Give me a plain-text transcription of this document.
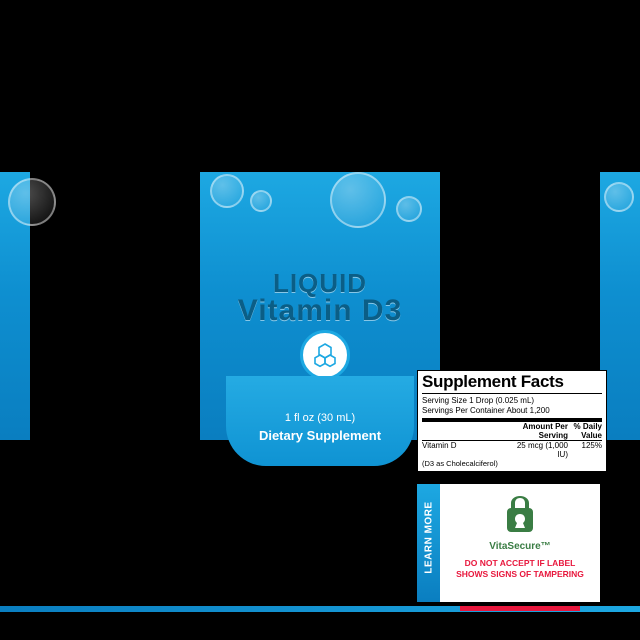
LIQUID
Vitamin D3
1 fl oz (30 mL)
Dietary Supplement
Supplement Facts
Serving Size 1 Drop (0.025 mL)
Servings Per Container About 1,200
	Amount Per	% Daily
	Serving	Value
Vitamin D	25 mcg (1,000 IU)	125%
(D3 as Cholecalciferol)		
LEARN MORE	VitaSecure™
DO NOT ACCEPT IF LABEL
SHOWS SIGNS OF TAMPERING
